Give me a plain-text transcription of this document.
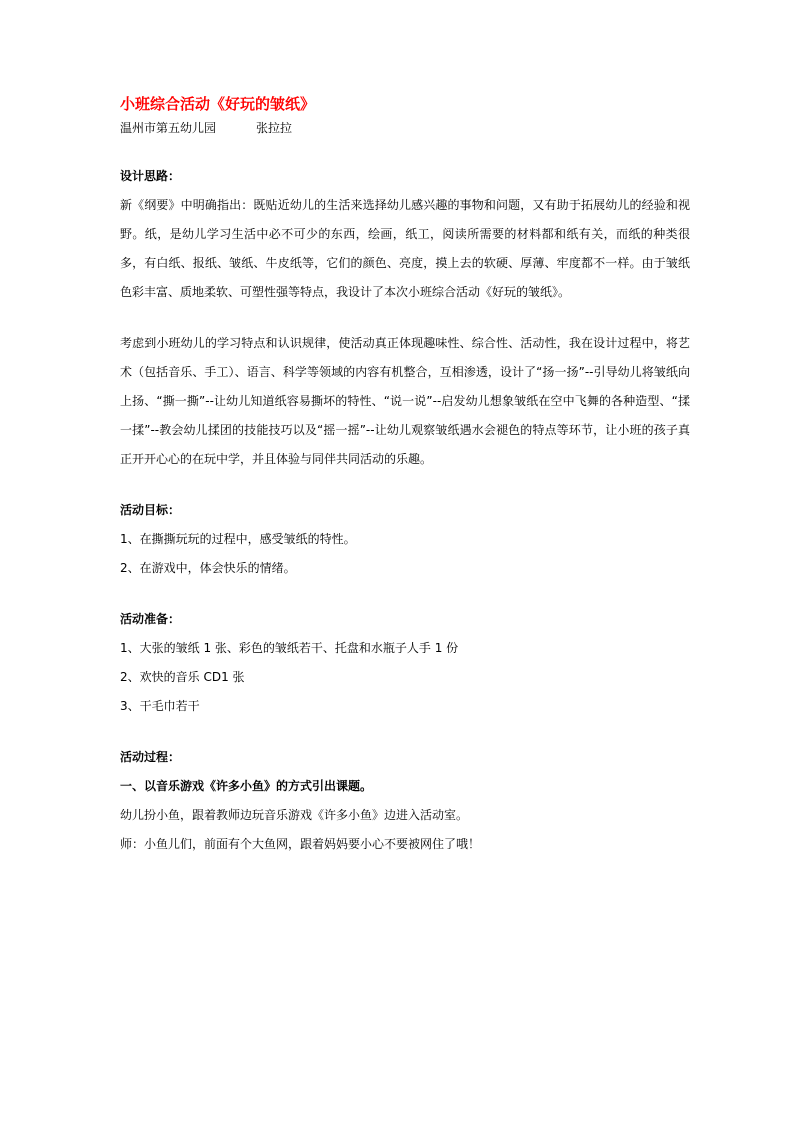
小班综合活动《好玩的皱纸》
温州市第五幼儿园	张拉拉
设计思路：

新《纲要》中明确指出：既贴近幼儿的生活来选择幼儿感兴趣的事物和问题，又有助于拓展幼儿的经验和视野。纸，是幼儿学习生活中必不可少的东西，绘画，纸工，阅读所需要的材料都和纸有关，而纸的种类很多，有白纸、报纸、皱纸、牛皮纸等，它们的颜色、亮度，摸上去的软硬、厚薄、牢度都不一样。由于皱纸色彩丰富、质地柔软、可塑性强等特点，我设计了本次小班综合活动《好玩的皱纸》。

考虑到小班幼儿的学习特点和认识规律，使活动真正体现趣味性、综合性、活动性，我在设计过程中，将艺术（包括音乐、手工）、语言、科学等领域的内容有机整合，互相渗透，设计了“扬一扬”--引导幼儿将皱纸向上扬、“撕一撕”--让幼儿知道纸容易撕坏的特性、“说一说”--启发幼儿想象皱纸在空中飞舞的各种造型、“揉一揉”--教会幼儿揉团的技能技巧以及“摇一摇”--让幼儿观察皱纸遇水会褪色的特点等环节，让小班的孩子真正开开心心的在玩中学，并且体验与同伴共同活动的乐趣。

活动目标：
1、在撕撕玩玩的过程中，感受皱纸的特性。
2、在游戏中，体会快乐的情绪。
活动准备：
1、大张的皱纸 1 张、彩色的皱纸若干、托盘和水瓶子人手 1 份
2、欢快的音乐 CD1 张
3、干毛巾若干
活动过程：
一、以音乐游戏《许多小鱼》的方式引出课题。
幼儿扮小鱼，跟着教师边玩音乐游戏《许多小鱼》边进入活动室。
师：小鱼儿们，前面有个大鱼网，跟着妈妈要小心不要被网住了哦！
